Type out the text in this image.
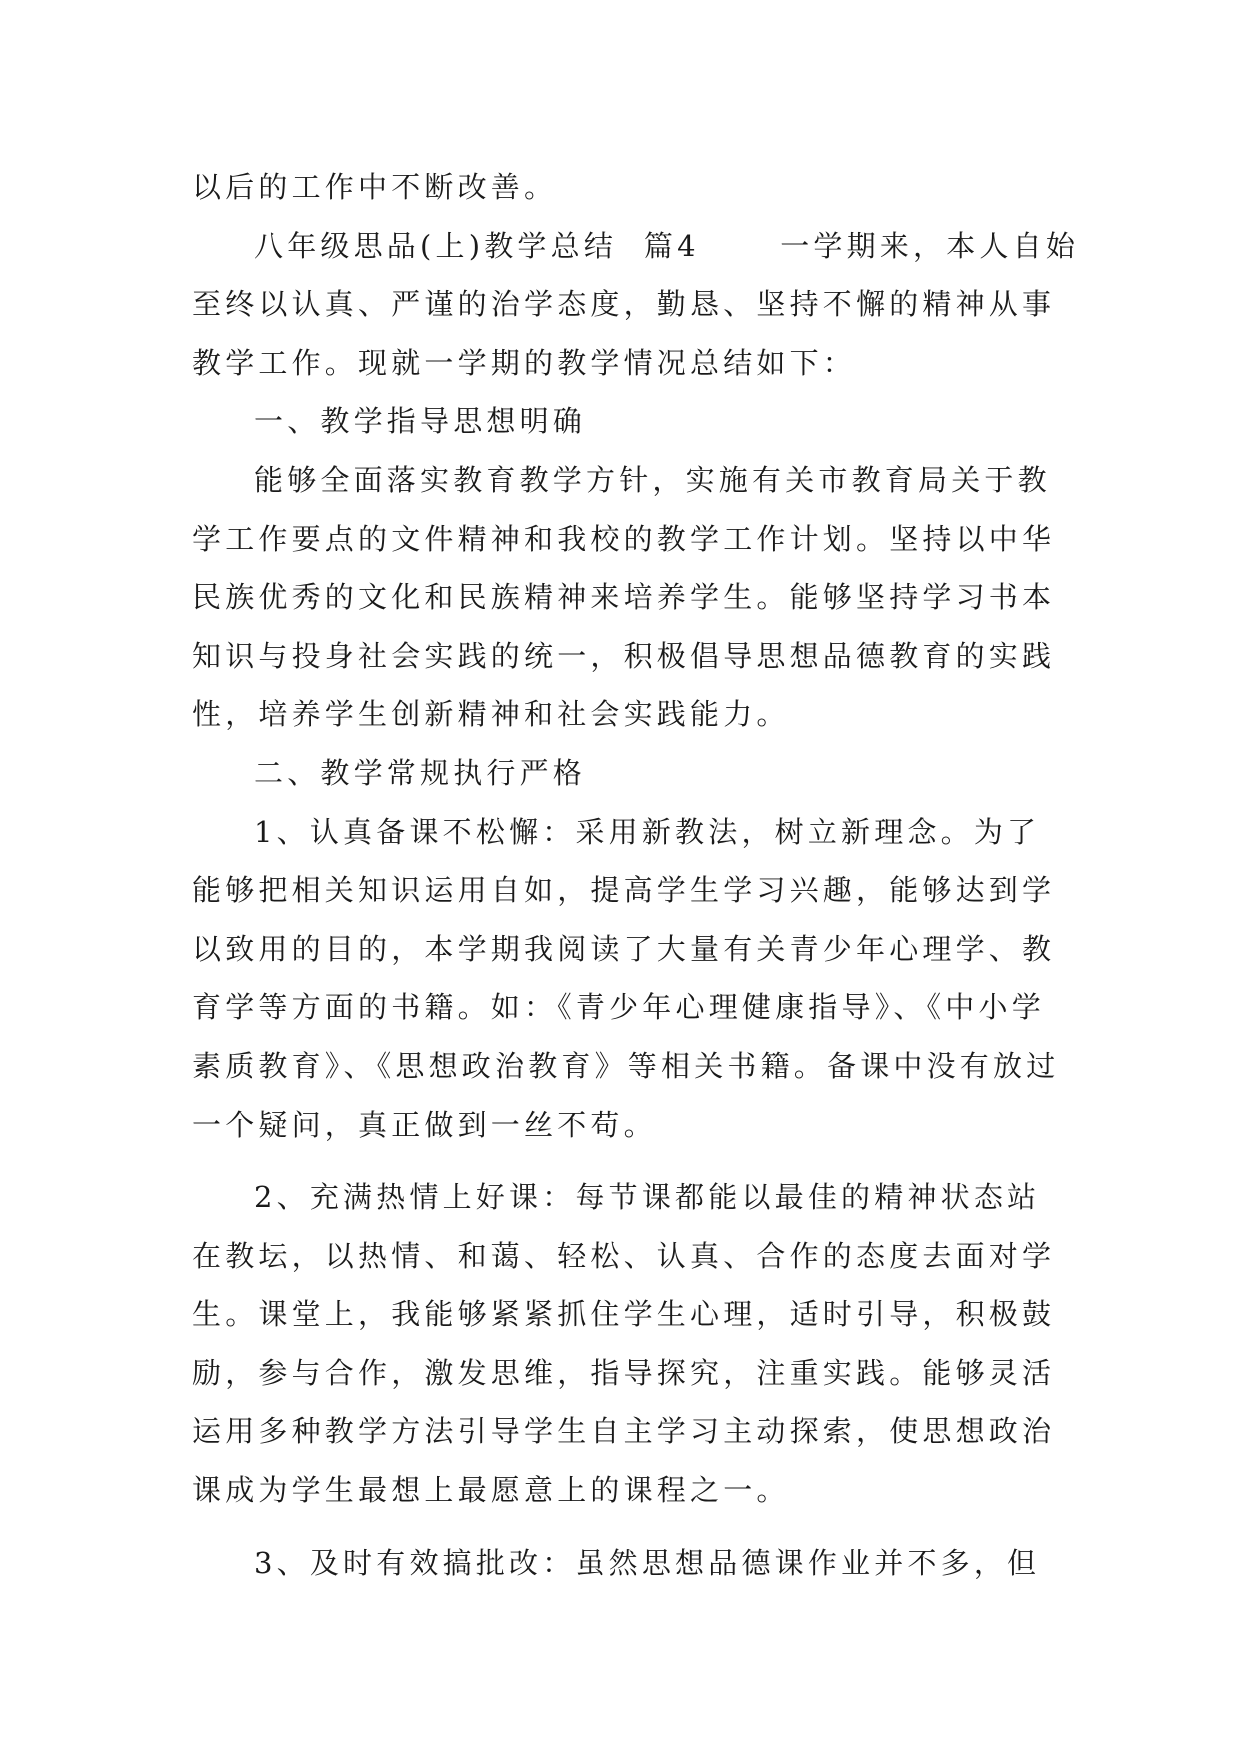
以后的工作中不断改善。
八年级思品(上)教学总结  篇4      一学期来，本人自始
至终以认真、严谨的治学态度，勤恳、坚持不懈的精神从事
教学工作。现就一学期的教学情况总结如下：
一、教学指导思想明确
能够全面落实教育教学方针，实施有关市教育局关于教
学工作要点的文件精神和我校的教学工作计划。坚持以中华
民族优秀的文化和民族精神来培养学生。能够坚持学习书本
知识与投身社会实践的统一，积极倡导思想品德教育的实践
性，培养学生创新精神和社会实践能力。
二、教学常规执行严格
1、认真备课不松懈：采用新教法，树立新理念。为了
能够把相关知识运用自如，提高学生学习兴趣，能够达到学
以致用的目的，本学期我阅读了大量有关青少年心理学、教
育学等方面的书籍。如：《青少年心理健康指导》、《中小学
素质教育》、《思想政治教育》等相关书籍。备课中没有放过
一个疑问，真正做到一丝不苟。
2、充满热情上好课：每节课都能以最佳的精神状态站
在教坛，以热情、和蔼、轻松、认真、合作的态度去面对学
生。课堂上，我能够紧紧抓住学生心理，适时引导，积极鼓
励，参与合作，激发思维，指导探究，注重实践。能够灵活
运用多种教学方法引导学生自主学习主动探索，使思想政治
课成为学生最想上最愿意上的课程之一。
3、及时有效搞批改：虽然思想品德课作业并不多，但
